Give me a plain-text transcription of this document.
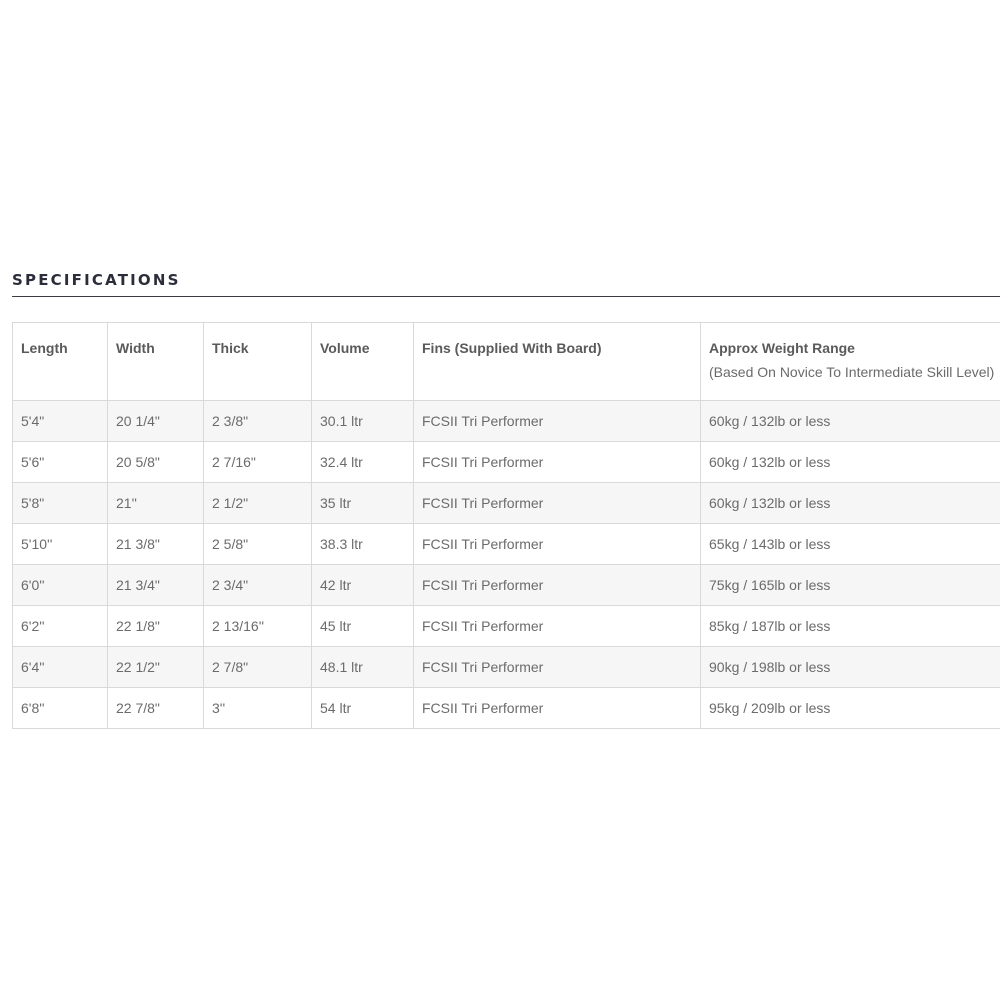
SPECIFICATIONS
Length	Width	Thick	Volume	Fins (Supplied With Board)	Approx Weight Range
(Based On Novice To Intermediate Skill Level)

5'4"	20 1/4"	2 3/8"	30.1 ltr	FCSII Tri Performer	60kg / 132lb or less
5'6"	20 5/8"	2 7/16"	32.4 ltr	FCSII Tri Performer	60kg / 132lb or less
5'8"	21''	2 1/2"	35 ltr	FCSII Tri Performer	60kg / 132lb or less
5'10''	21 3/8"	2 5/8"	38.3 ltr	FCSII Tri Performer	65kg / 143lb or less
6'0''	21 3/4"	2 3/4"	42 ltr	FCSII Tri Performer	75kg / 165lb or less
6'2''	22 1/8"	2 13/16''	45 ltr	FCSII Tri Performer	85kg / 187lb or less
6'4''	22 1/2"	2 7/8"	48.1 ltr	FCSII Tri Performer	90kg / 198lb or less
6'8''	22 7/8"	3''	54 ltr	FCSII Tri Performer	95kg / 209lb or less
